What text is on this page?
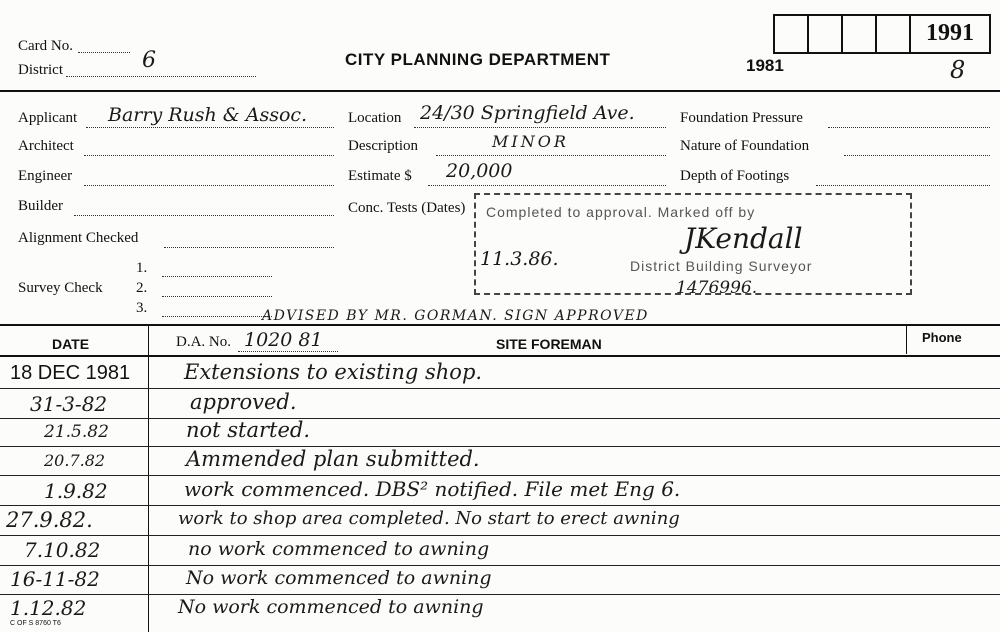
Card No.
District	6	CITY PLANNING DEPARTMENT	1981
1991
8
Applicant Barry Rush & Assoc.
Architect
Engineer
Builder
Alignment Checked
Survey Check
1.
2.
3.
Location 24/30 Springfield Ave.
Description	MINOR
Estimate $ 20,000
Conc. Tests (Dates)
Foundation Pressure
Nature of Foundation
Depth of Footings
Completed to approval. Marked off by
JKendall
11.3.86.	District Building Surveyor
1476996.
ADVISED BY MR. GORMAN. SIGN APPROVED
DATE	D.A. No. 1020 81	SITE FOREMAN	Phone
18 DEC 1981	Extensions to existing shop.
31-3-82	approved.
21.5.82	not started.
20.7.82	Ammended plan submitted.
1.9.82	work commenced. DBS² notified. File met Eng 6.
27.9.82.	work to shop area completed. No start to erect awning
7.10.82	no work commenced to awning
16-11-82	No work commenced to awning
1.12.82	No work commenced to awning
C OF S 8760 T6
